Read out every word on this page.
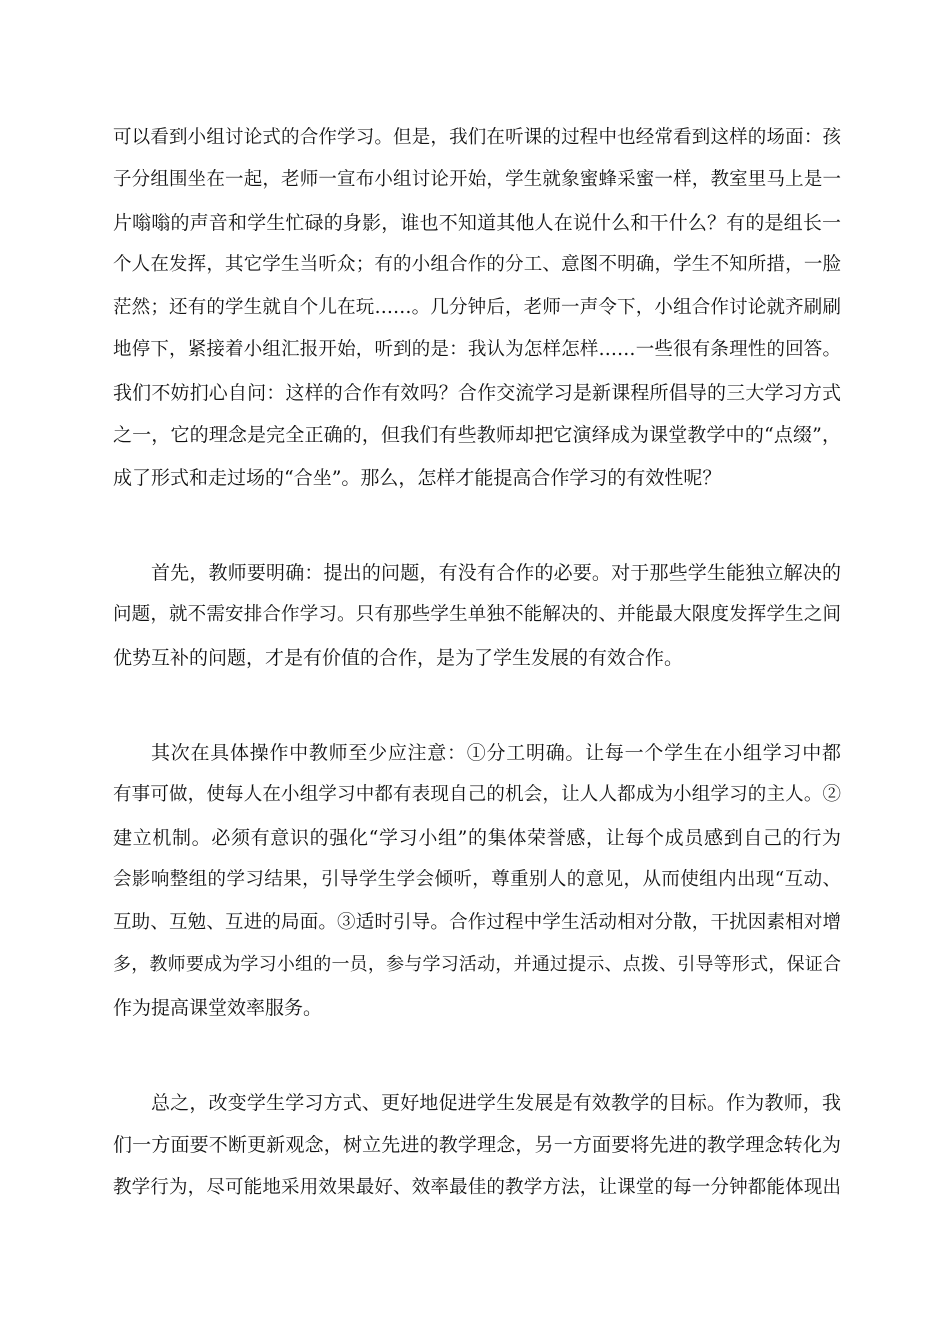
可以看到小组讨论式的合作学习。但是，我们在听课的过程中也经常看到这样的场面：孩
子分组围坐在一起，老师一宣布小组讨论开始，学生就象蜜蜂采蜜一样，教室里马上是一
片嗡嗡的声音和学生忙碌的身影，谁也不知道其他人在说什么和干什么？有的是组长一
个人在发挥，其它学生当听众；有的小组合作的分工、意图不明确，学生不知所措，一脸
茫然；还有的学生就自个儿在玩……。几分钟后，老师一声令下，小组合作讨论就齐刷刷
地停下，紧接着小组汇报开始，听到的是：我认为怎样怎样……一些很有条理性的回答。
我们不妨扪心自问：这样的合作有效吗？合作交流学习是新课程所倡导的三大学习方式
之一，它的理念是完全正确的，但我们有些教师却把它演绎成为课堂教学中的“点缀”，
成了形式和走过场的“合坐”。那么，怎样才能提高合作学习的有效性呢？
首先，教师要明确：提出的问题，有没有合作的必要。对于那些学生能独立解决的
问题，就不需安排合作学习。只有那些学生单独不能解决的、并能最大限度发挥学生之间
优势互补的问题，才是有价值的合作，是为了学生发展的有效合作。
其次在具体操作中教师至少应注意：①分工明确。让每一个学生在小组学习中都
有事可做，使每人在小组学习中都有表现自己的机会，让人人都成为小组学习的主人。②
建立机制。必须有意识的强化“学习小组”的集体荣誉感，让每个成员感到自己的行为
会影响整组的学习结果，引导学生学会倾听，尊重别人的意见，从而使组内出现“互动、
互助、互勉、互进的局面。③适时引导。合作过程中学生活动相对分散，干扰因素相对增
多，教师要成为学习小组的一员，参与学习活动，并通过提示、点拨、引导等形式，保证合
作为提高课堂效率服务。
总之，改变学生学习方式、更好地促进学生发展是有效教学的目标。作为教师，我
们一方面要不断更新观念，树立先进的教学理念，另一方面要将先进的教学理念转化为
教学行为，尽可能地采用效果最好、效率最佳的教学方法，让课堂的每一分钟都能体现出
